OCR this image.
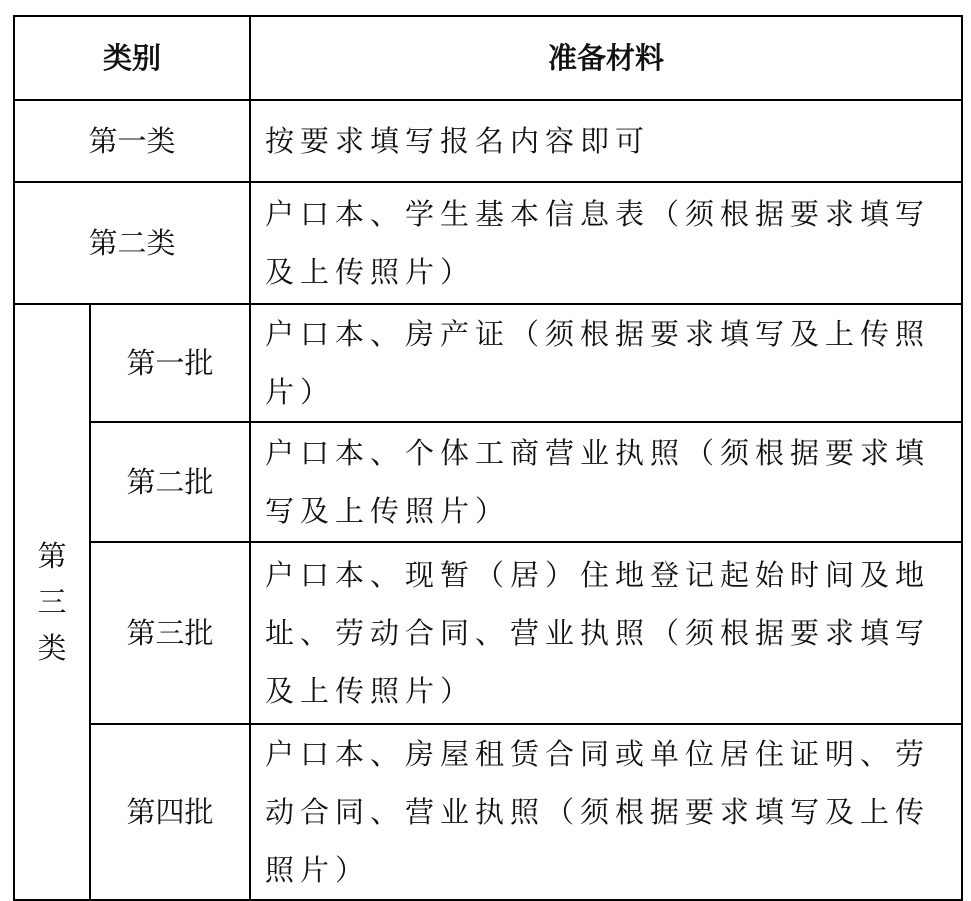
类别		准备材料
第一类		按要求填写报名内容即可
第二类		户口本、学生基本信息表（须根据要求填写及上传照片）
第三类	第一批	户口本、房产证（须根据要求填写及上传照片）
	第二批	户口本、个体工商营业执照（须根据要求填写及上传照片）
	第三批	户口本、现暂（居）住地登记起始时间及地址、劳动合同、营业执照（须根据要求填写及上传照片）
	第四批	户口本、房屋租赁合同或单位居住证明、劳动合同、营业执照（须根据要求填写及上传照片）
